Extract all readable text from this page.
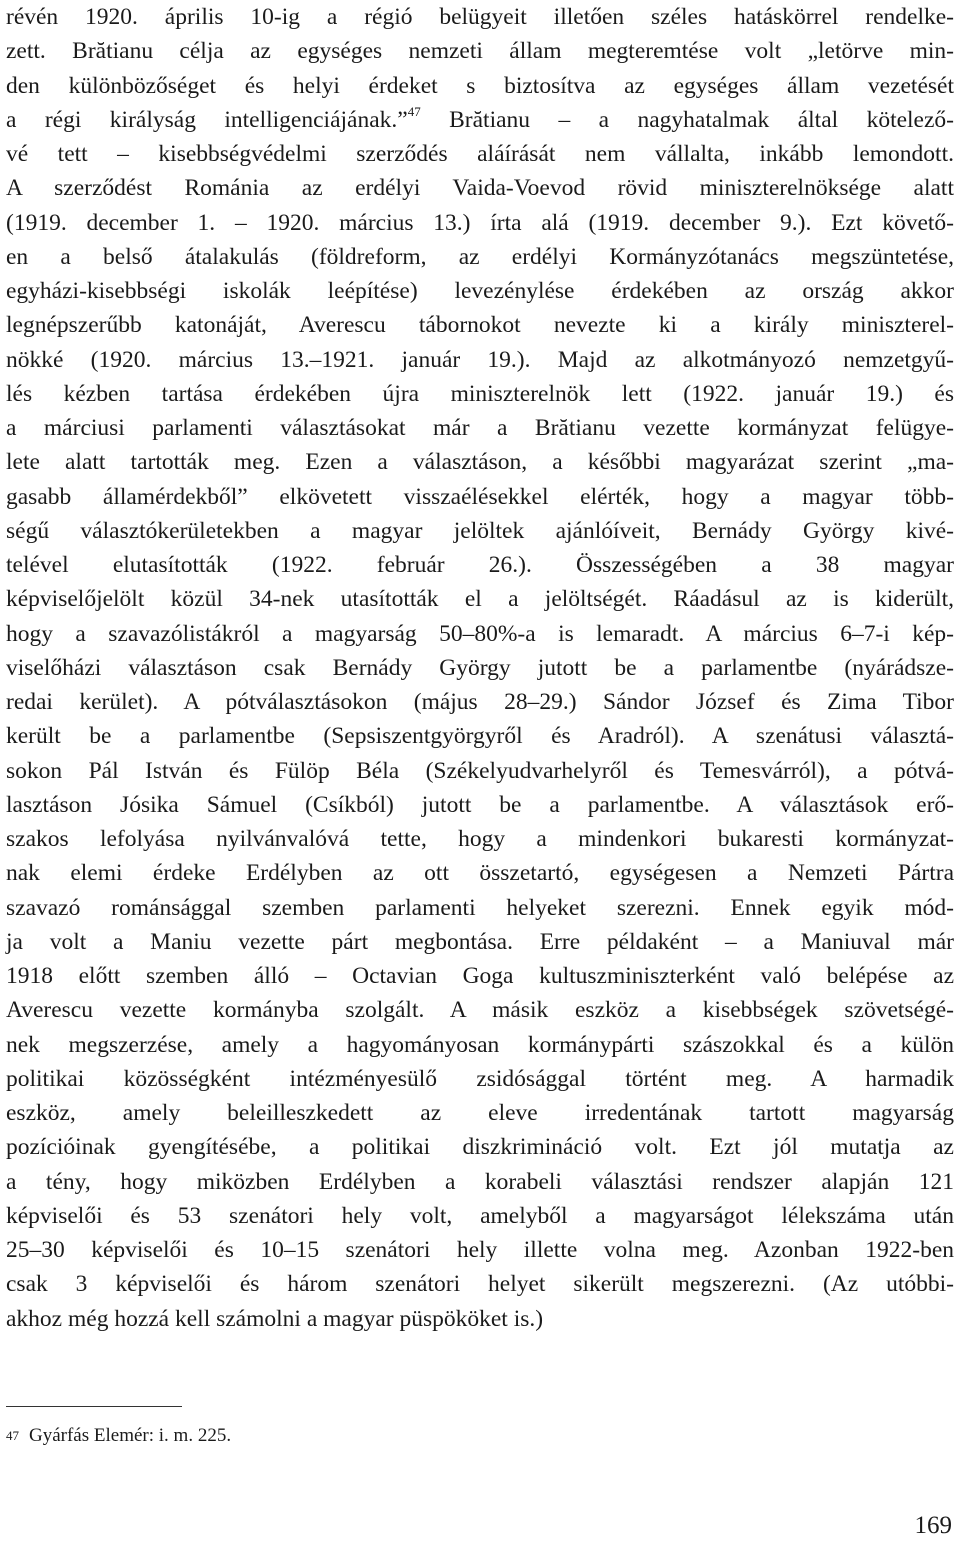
révén 1920. április 10-ig a régió belügyeit illetően széles hatáskörrel rendelke-
zett. Brătianu célja az egységes nemzeti állam megteremtése volt „letörve min-
den különbözőséget és helyi érdeket s biztosítva az egységes állam vezetését
a régi királyság intelligenciájának.”$^{47}$ Brătianu – a nagyhatalmak által kötelező-
vé tett – kisebbségvédelmi szerződés aláírását nem vállalta, inkább lemondott.
A szerződést Románia az erdélyi Vaida-Voevod rövid miniszterelnöksége alatt
(1919. december 1. – 1920. március 13.) írta alá (1919. december 9.). Ezt követő-
en a belső átalakulás (földreform, az erdélyi Kormányzótanács megszüntetése,
egyházi-kisebbségi iskolák leépítése) levezénylése érdekében az ország akkor
legnépszerűbb katonáját, Averescu tábornokot nevezte ki a király miniszterel-
nökké (1920. március 13.–1921. január 19.). Majd az alkotmányozó nemzetgyű-
lés kézben tartása érdekében újra miniszterelnök lett (1922. január 19.) és
a márciusi parlamenti választásokat már a Brătianu vezette kormányzat felügye-
lete alatt tartották meg. Ezen a választáson, a későbbi magyarázat szerint „ma-
gasabb államérdekből” elkövetett visszaélésekkel elérték, hogy a magyar több-
ségű választókerületekben a magyar jelöltek ajánlóíveit, Bernády György kivé-
telével elutasították (1922. február 26.). Összességében a 38 magyar
képviselőjelölt közül 34-nek utasították el a jelöltségét. Ráadásul az is kiderült,
hogy a szavazólistákról a magyarság 50–80%-a is lemaradt. A március 6–7-i kép-
viselőházi választáson csak Bernády György jutott be a parlamentbe (nyárádsze-
redai kerület). A pótválasztásokon (május 28–29.) Sándor József és Zima Tibor
került be a parlamentbe (Sepsiszentgyörgyről és Aradról). A szenátusi választá-
sokon Pál István és Fülöp Béla (Székelyudvarhelyről és Temesvárról), a pótvá-
lasztáson Jósika Sámuel (Csíkból) jutott be a parlamentbe. A választások erő-
szakos lefolyása nyilvánvalóvá tette, hogy a mindenkori bukaresti kormányzat-
nak elemi érdeke Erdélyben az ott összetartó, egységesen a Nemzeti Pártra
szavazó románsággal szemben parlamenti helyeket szerezni. Ennek egyik mód-
ja volt a Maniu vezette párt megbontása. Erre példaként – a Maniuval már
1918 előtt szemben álló – Octavian Goga kultuszminiszterként való belépése az
Averescu vezette kormányba szolgált. A másik eszköz a kisebbségek szövetségé-
nek megszerzése, amely a hagyományosan kormánypárti szászokkal és a külön
politikai közösségként intézményesülő zsidósággal történt meg. A harmadik
eszköz, amely beleilleszkedett az eleve irredentának tartott magyarság
pozícióinak gyengítésébe, a politikai diszkrimináció volt. Ezt jól mutatja az
a tény, hogy miközben Erdélyben a korabeli választási rendszer alapján 121
képviselői és 53 szenátori hely volt, amelyből a magyarságot lélekszáma után
25–30 képviselői és 10–15 szenátori hely illette volna meg. Azonban 1922-ben
csak 3 képviselői és három szenátori helyet sikerült megszerezni. (Az utóbbi-
akhoz még hozzá kell számolni a magyar püspököket is.)
47 Gyárfás Elemér: i. m. 225.
169
